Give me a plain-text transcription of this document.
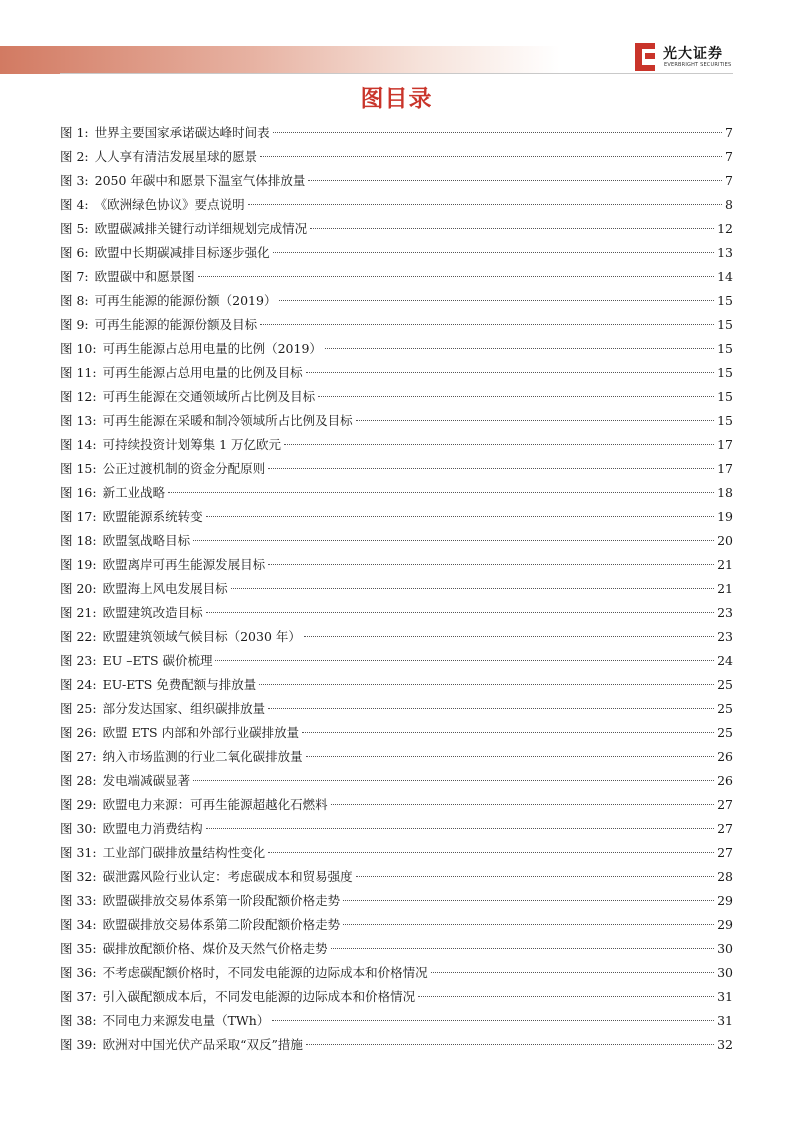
光大证券
EVERBRIGHT SECURITIES
图目录
图 1: 世界主要国家承诺碳达峰时间表	7
图 2: 人人享有清洁发展星球的愿景	7
图 3: 2050 年碳中和愿景下温室气体排放量	7
图 4: 《欧洲绿色协议》要点说明	8
图 5: 欧盟碳减排关键行动详细规划完成情况	12
图 6: 欧盟中长期碳减排目标逐步强化	13
图 7: 欧盟碳中和愿景图	14
图 8: 可再生能源的能源份额（2019）	15
图 9: 可再生能源的能源份额及目标	15
图 10: 可再生能源占总用电量的比例（2019）	15
图 11: 可再生能源占总用电量的比例及目标	15
图 12: 可再生能源在交通领域所占比例及目标	15
图 13: 可再生能源在采暖和制冷领域所占比例及目标	15
图 14: 可持续投资计划筹集 1 万亿欧元	17
图 15: 公正过渡机制的资金分配原则	17
图 16: 新工业战略	18
图 17: 欧盟能源系统转变	19
图 18: 欧盟氢战略目标	20
图 19: 欧盟离岸可再生能源发展目标	21
图 20: 欧盟海上风电发展目标	21
图 21: 欧盟建筑改造目标	23
图 22: 欧盟建筑领域气候目标（2030 年）	23
图 23: EU –ETS 碳价梳理	24
图 24: EU-ETS 免费配额与排放量	25
图 25: 部分发达国家、组织碳排放量	25
图 26: 欧盟 ETS 内部和外部行业碳排放量	25
图 27: 纳入市场监测的行业二氧化碳排放量	26
图 28: 发电端减碳显著	26
图 29: 欧盟电力来源：可再生能源超越化石燃料	27
图 30: 欧盟电力消费结构	27
图 31: 工业部门碳排放量结构性变化	27
图 32: 碳泄露风险行业认定：考虑碳成本和贸易强度	28
图 33: 欧盟碳排放交易体系第一阶段配额价格走势	29
图 34: 欧盟碳排放交易体系第二阶段配额价格走势	29
图 35: 碳排放配额价格、煤价及天然气价格走势	30
图 36: 不考虑碳配额价格时，不同发电能源的边际成本和价格情况	30
图 37: 引入碳配额成本后，不同发电能源的边际成本和价格情况	31
图 38: 不同电力来源发电量（TWh）	31
图 39: 欧洲对中国光伏产品采取“双反”措施	32
